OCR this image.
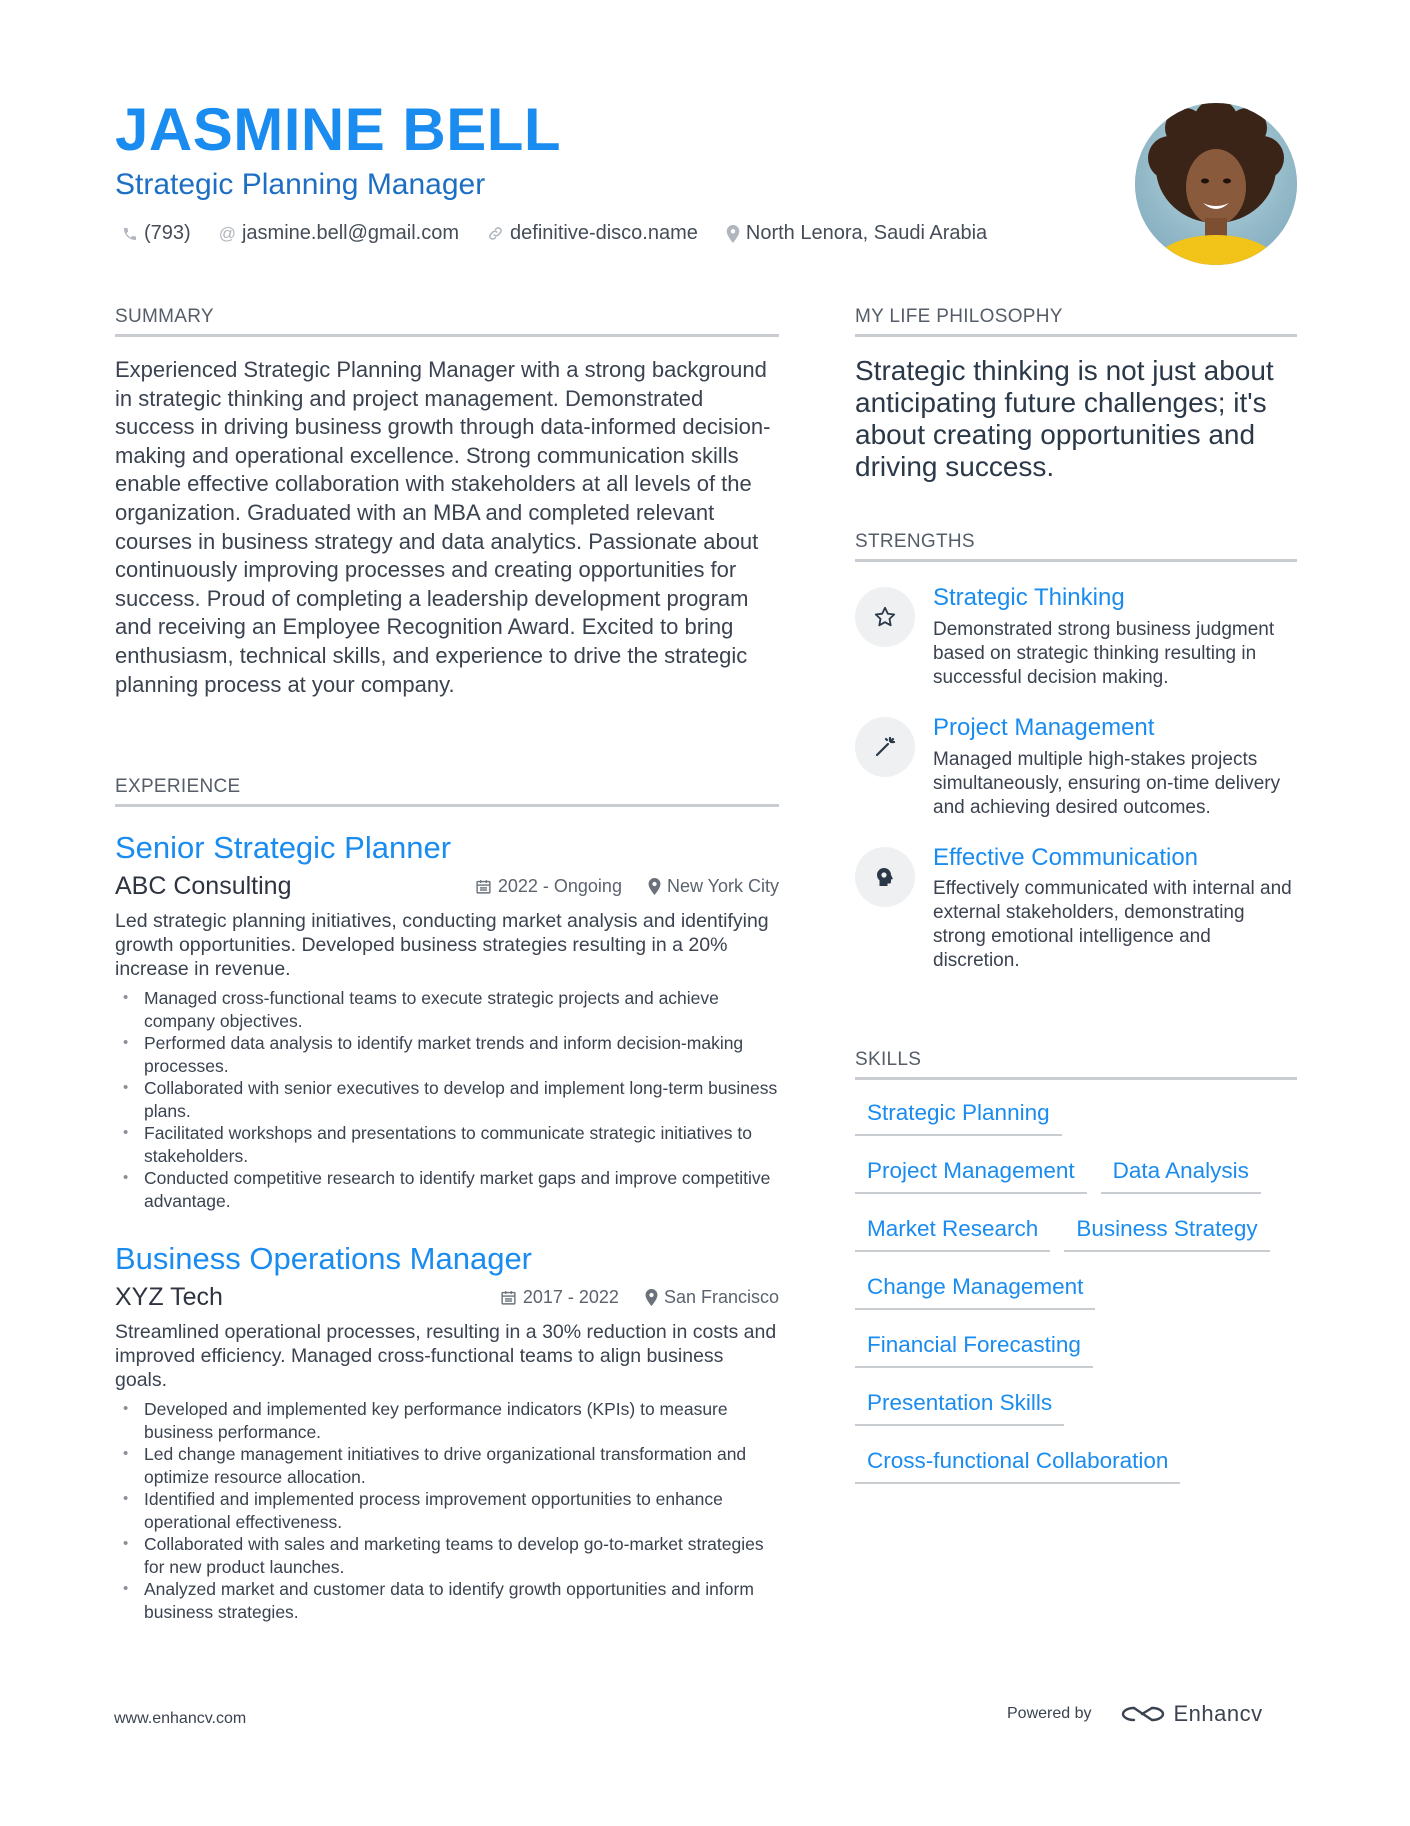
JASMINE BELL
Strategic Planning Manager
(793) @ jasmine.bell@gmail.com	definitive-disco.name North Lenora, Saudi Arabia
SUMMARY
Experienced Strategic Planning Manager with a strong background in strategic thinking and project management. Demonstrated success in driving business growth through data-informed decision-making and operational excellence. Strong communication skills enable effective collaboration with stakeholders at all levels of the organization. Graduated with an MBA and completed relevant courses in business strategy and data analytics. Passionate about continuously improving processes and creating opportunities for success. Proud of completing a leadership development program and receiving an Employee Recognition Award. Excited to bring enthusiasm, technical skills, and experience to drive the strategic planning process at your company.
EXPERIENCE
Senior Strategic Planner
ABC Consulting	2022 - Ongoing	New York City
Led strategic planning initiatives, conducting market analysis and identifying growth opportunities. Developed business strategies resulting in a 20% increase in revenue.
• Managed cross-functional teams to execute strategic projects and achieve company objectives.
• Performed data analysis to identify market trends and inform decision-making processes.
• Collaborated with senior executives to develop and implement long-term business plans.
• Facilitated workshops and presentations to communicate strategic initiatives to stakeholders.
• Conducted competitive research to identify market gaps and improve competitive advantage.
Business Operations Manager
XYZ Tech	2017 - 2022	San Francisco
Streamlined operational processes, resulting in a 30% reduction in costs and improved efficiency. Managed cross-functional teams to align business goals.
• Developed and implemented key performance indicators (KPIs) to measure business performance.
• Led change management initiatives to drive organizational transformation and optimize resource allocation.
• Identified and implemented process improvement opportunities to enhance operational effectiveness.
• Collaborated with sales and marketing teams to develop go-to-market strategies for new product launches.
• Analyzed market and customer data to identify growth opportunities and inform business strategies.
MY LIFE PHILOSOPHY
Strategic thinking is not just about anticipating future challenges; it's about creating opportunities and driving success.
STRENGTHS
Strategic Thinking
Demonstrated strong business judgment based on strategic thinking resulting in successful decision making.
Project Management
Managed multiple high-stakes projects simultaneously, ensuring on-time delivery and achieving desired outcomes.
Effective Communication
Effectively communicated with internal and external stakeholders, demonstrating strong emotional intelligence and discretion.
SKILLS
Strategic Planning
Project Management	Data Analysis
Market Research	Business Strategy
Change Management
Financial Forecasting
Presentation Skills
Cross-functional Collaboration
www.enhancv.com	Powered by	Enhancv
